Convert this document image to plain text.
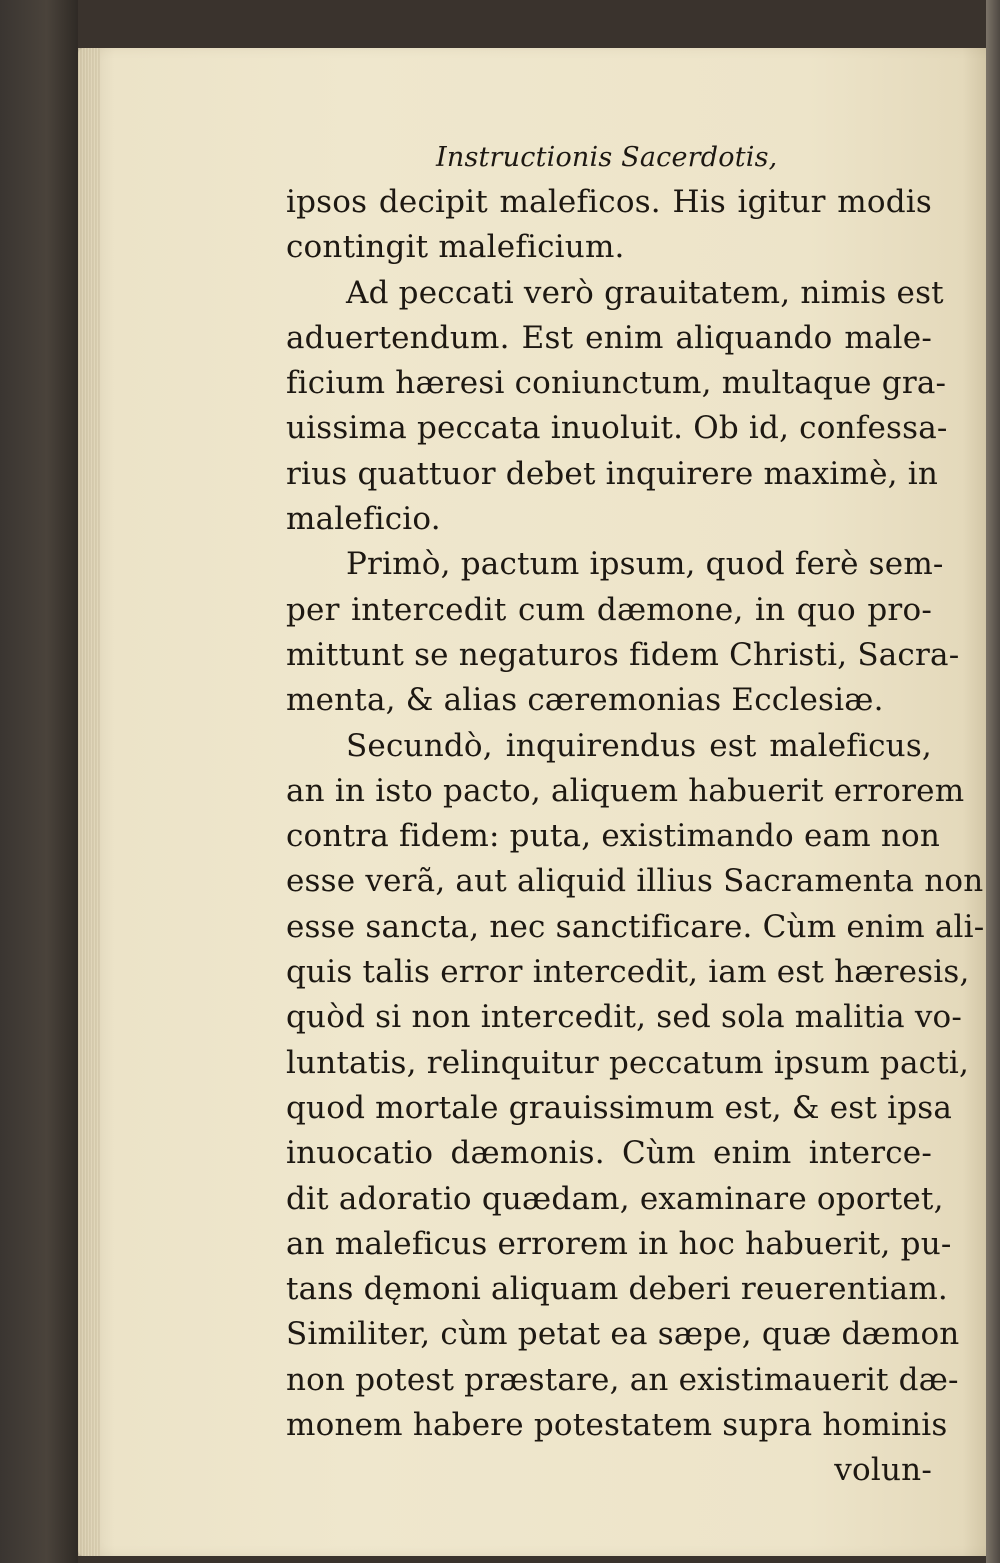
Instructionis Sacerdotis,
ipsos decipit maleficos. His igitur modis
contingit maleficium.
Ad peccati verò grauitatem, nimis est
aduertendum. Est enim aliquando male-
ficium hæresi coniunctum, multaque gra-
uissima peccata inuoluit. Ob id, confessa-
rius quattuor debet inquirere maximè, in
maleficio.
Primò, pactum ipsum, quod ferè sem-
per intercedit cum dæmone, in quo pro-
mittunt se negaturos fidem Christi, Sacra-
menta, & alias cæremonias Ecclesiæ.
Secundò, inquirendus est maleficus,
an in isto pacto, aliquem habuerit errorem
contra fidem: puta, existimando eam non
esse verã, aut aliquid illius Sacramenta non
esse sancta, nec sanctificare. Cùm enim ali-
quis talis error intercedit, iam est hæresis,
quòd si non intercedit, sed sola malitia vo-
luntatis, relinquitur peccatum ipsum pacti,
quod mortale grauissimum est, & est ipsa
inuocatio dæmonis. Cùm enim interce-
dit adoratio quædam, examinare oportet,
an maleficus errorem in hoc habuerit, pu-
tans dęmoni aliquam deberi reuerentiam.
Similiter, cùm petat ea sæpe, quæ dæmon
non potest præstare, an existimauerit dæ-
monem habere potestatem supra hominis
volun-
